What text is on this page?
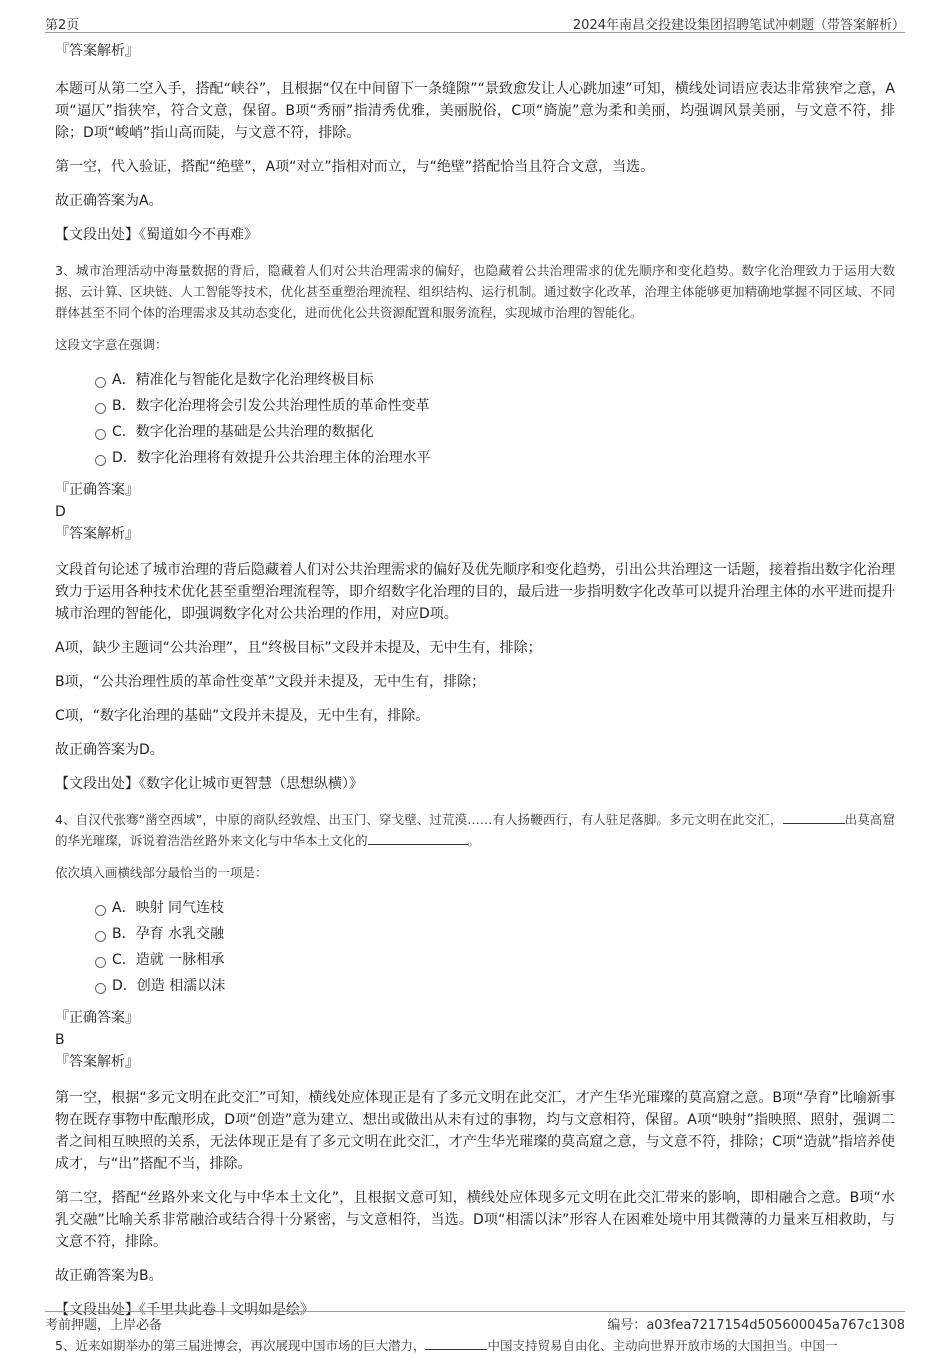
第2页	2024年南昌交投建设集团招聘笔试冲刺题（带答案解析）
『答案解析』

本题可从第二空入手，搭配“峡谷”，且根据“仅在中间留下一条缝隙”“景致愈发让人心跳加速”可知，横线处词语应表达非常狭窄之意，A项“逼仄”指狭窄，符合文意，保留。B项“秀丽”指清秀优雅，美丽脱俗，C项“旖旎”意为柔和美丽，均强调风景美丽，与文意不符，排除；D项“峻峭”指山高而陡，与文意不符，排除。

第一空，代入验证，搭配“绝壁”，A项“对立”指相对而立，与“绝壁”搭配恰当且符合文意，当选。

故正确答案为A。

【文段出处】《蜀道如今不再难》

3、城市治理活动中海量数据的背后，隐藏着人们对公共治理需求的偏好，也隐藏着公共治理需求的优先顺序和变化趋势。数字化治理致力于运用大数据、云计算、区块链、人工智能等技术，优化甚至重塑治理流程、组织结构、运行机制。通过数字化改革，治理主体能够更加精确地掌握不同区域、不同群体甚至不同个体的治理需求及其动态变化，进而优化公共资源配置和服务流程，实现城市治理的智能化。
这段文字意在强调：
A．精准化与智能化是数字化治理终极目标
B．数字化治理将会引发公共治理性质的革命性变革
C．数字化治理的基础是公共治理的数据化
D．数字化治理将有效提升公共治理主体的治理水平
『正确答案』
D
『答案解析』

文段首句论述了城市治理的背后隐藏着人们对公共治理需求的偏好及优先顺序和变化趋势，引出公共治理这一话题，接着指出数字化治理致力于运用各种技术优化甚至重塑治理流程等，即介绍数字化治理的目的，最后进一步指明数字化改革可以提升治理主体的水平进而提升城市治理的智能化，即强调数字化对公共治理的作用，对应D项。

A项，缺少主题词“公共治理”，且“终极目标”文段并未提及，无中生有，排除；

B项，“公共治理性质的革命性变革”文段并未提及，无中生有，排除；

C项，“数字化治理的基础”文段并未提及，无中生有，排除。

故正确答案为D。

【文段出处】《数字化让城市更智慧（思想纵横）》

4、自汉代张骞“凿空西域”，中原的商队经敦煌、出玉门、穿戈壁、过荒漠……有人扬鞭西行，有人驻足落脚。多元文明在此交汇，	出莫高窟的华光璀璨，诉说着浩浩丝路外来文化与中华本土文化的	。
依次填入画横线部分最恰当的一项是：
A．映射 同气连枝
B．孕育 水乳交融
C．造就 一脉相承
D．创造 相濡以沫
『正确答案』
B
『答案解析』

第一空，根据“多元文明在此交汇”可知，横线处应体现正是有了多元文明在此交汇，才产生华光璀璨的莫高窟之意。B项“孕育”比喻新事物在既存事物中酝酿形成，D项“创造”意为建立、想出或做出从未有过的事物，均与文意相符，保留。A项“映射”指映照、照射，强调二者之间相互映照的关系，无法体现正是有了多元文明在此交汇，才产生华光璀璨的莫高窟之意，与文意不符，排除；C项“造就”指培养使成才，与“出”搭配不当，排除。

第二空，搭配“丝路外来文化与中华本土文化”，且根据文意可知，横线处应体现多元文明在此交汇带来的影响，即相融合之意。B项“水乳交融”比喻关系非常融洽或结合得十分紧密，与文意相符，当选。D项“相濡以沫”形容人在困难处境中用其微薄的力量来互相救助，与文意不符，排除。

故正确答案为B。

【文段出处】《千里共此卷丨文明如是绘》

5、近来如期举办的第三届进博会，再次展现中国市场的巨大潜力，	中国支持贸易自由化、主动向世界开放市场的大国担当。中国一
考前押题，上岸必备	编号：a03fea7217154d505600045a767c1308
